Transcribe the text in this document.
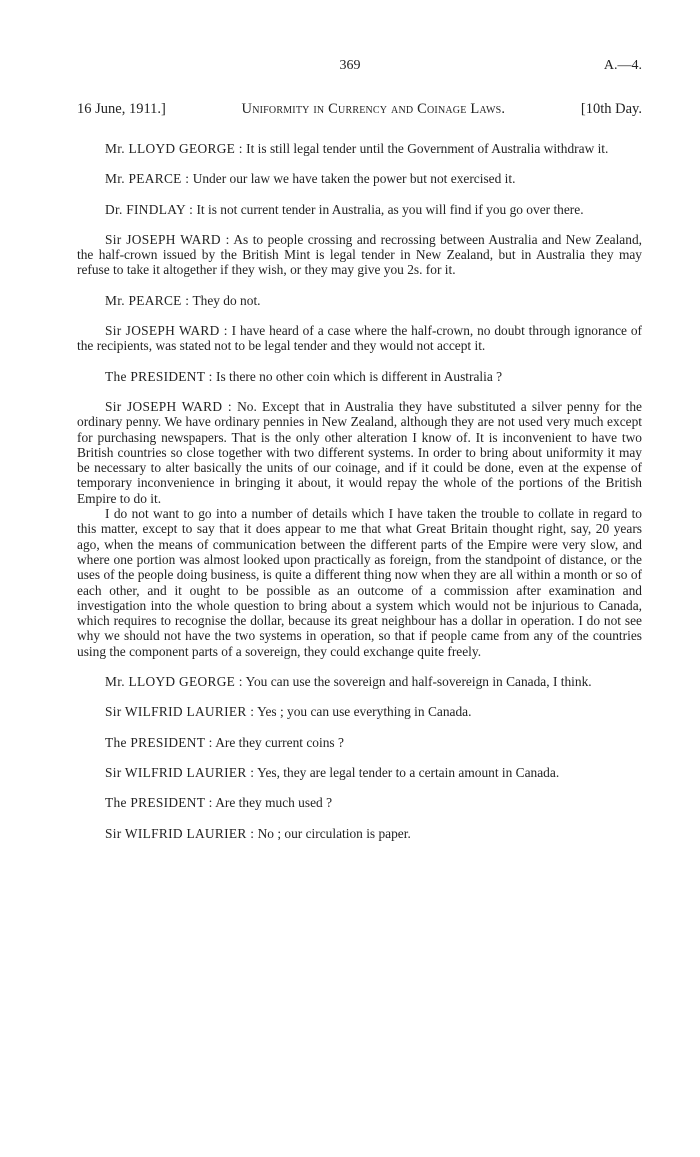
369	A.—4.
16 June, 1911.]	Uniformity in Currency and Coinage Laws.	[10th Day.

Mr. LLOYD GEORGE : It is still legal tender until the Government of Australia withdraw it.

Mr. PEARCE : Under our law we have taken the power but not exercised it.

Dr. FINDLAY : It is not current tender in Australia, as you will find if you go over there.

Sir JOSEPH WARD : As to people crossing and recrossing between Australia and New Zealand, the half-crown issued by the British Mint is legal tender in New Zealand, but in Australia they may refuse to take it altogether if they wish, or they may give you 2s. for it.

Mr. PEARCE : They do not.

Sir JOSEPH WARD : I have heard of a case where the half-crown, no doubt through ignorance of the recipients, was stated not to be legal tender and they would not accept it.

The PRESIDENT : Is there no other coin which is different in Australia ?

Sir JOSEPH WARD : No. Except that in Australia they have substituted a silver penny for the ordinary penny. We have ordinary pennies in New Zealand, although they are not used very much except for purchasing newspapers. That is the only other alteration I know of. It is inconvenient to have two British countries so close together with two different systems. In order to bring about uniformity it may be necessary to alter basically the units of our coinage, and if it could be done, even at the expense of temporary inconvenience in bringing it about, it would repay the whole of the portions of the British Empire to do it.

I do not want to go into a number of details which I have taken the trouble to collate in regard to this matter, except to say that it does appear to me that what Great Britain thought right, say, 20 years ago, when the means of communication between the different parts of the Empire were very slow, and where one portion was almost looked upon practically as foreign, from the standpoint of distance, or the uses of the people doing business, is quite a different thing now when they are all within a month or so of each other, and it ought to be possible as an outcome of a commission after examination and investigation into the whole question to bring about a system which would not be injurious to Canada, which requires to recognise the dollar, because its great neighbour has a dollar in operation. I do not see why we should not have the two systems in operation, so that if people came from any of the countries using the component parts of a sovereign, they could exchange quite freely.

Mr. LLOYD GEORGE : You can use the sovereign and half-sovereign in Canada, I think.

Sir WILFRID LAURIER : Yes ; you can use everything in Canada.

The PRESIDENT : Are they current coins ?

Sir WILFRID LAURIER : Yes, they are legal tender to a certain amount in Canada.

The PRESIDENT : Are they much used ?

Sir WILFRID LAURIER : No ; our circulation is paper.
